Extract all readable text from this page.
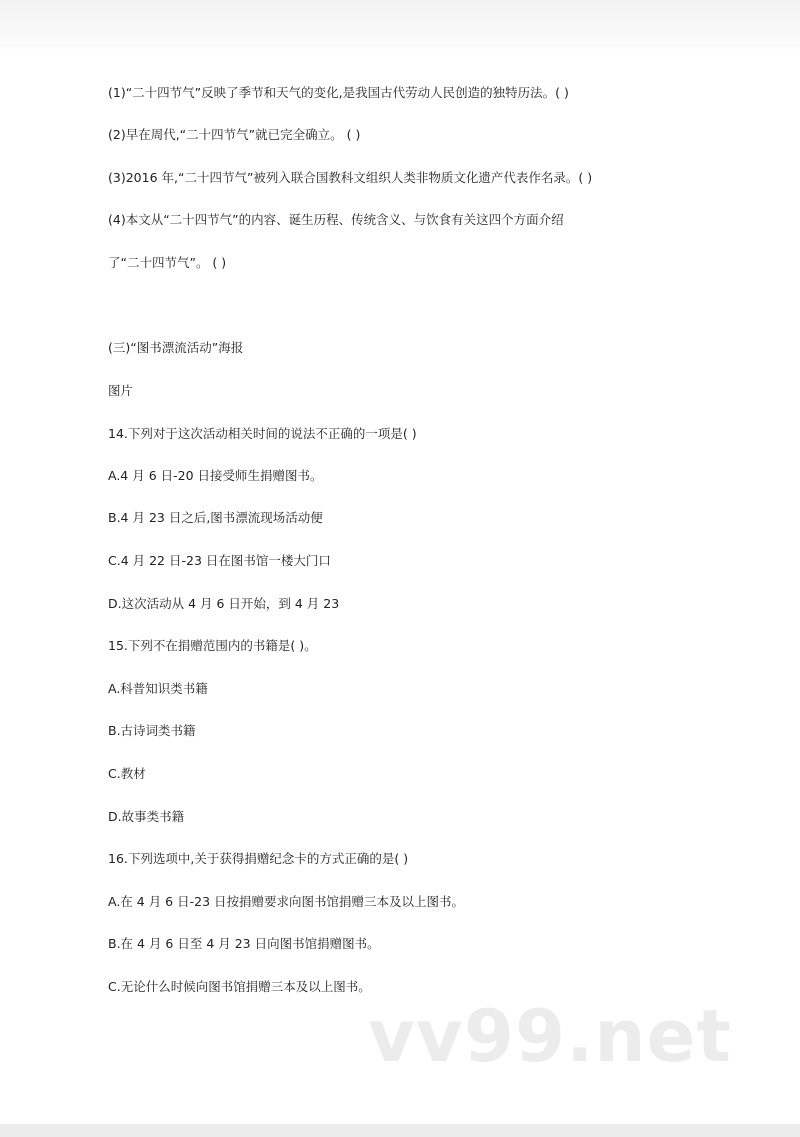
(1)“二十四节气”反映了季节和天气的变化,是我国古代劳动人民创造的独特历法。( )

(2)早在周代,“二十四节气”就已完全确立。 ( )

(3)2016 年,“二十四节气”被列入联合国教科文组织人类非物质文化遗产代表作名录。( )

(4)本文从“二十四节气”的内容、诞生历程、传统含义、与饮食有关这四个方面介绍

了“二十四节气”。 ( )

(三)“图书漂流活动”海报

图片

14.下列对于这次活动相关时间的说法不正确的一项是( )

A.4 月 6 日-20 日接受师生捐赠图书。

B.4 月 23 日之后,图书漂流现场活动便

C.4 月 22 日-23 日在图书馆一楼大门口

D.这次活动从 4 月 6 日开始，到 4 月 23

15.下列不在捐赠范围内的书籍是( )。

A.科普知识类书籍

B.古诗词类书籍

C.教材

D.故事类书籍

16.下列选项中,关于获得捐赠纪念卡的方式正确的是( )

A.在 4 月 6 日-23 日按捐赠要求向图书馆捐赠三本及以上图书。

B.在 4 月 6 日至 4 月 23 日向图书馆捐赠图书。

C.无论什么时候向图书馆捐赠三本及以上图书。

vv99.net
